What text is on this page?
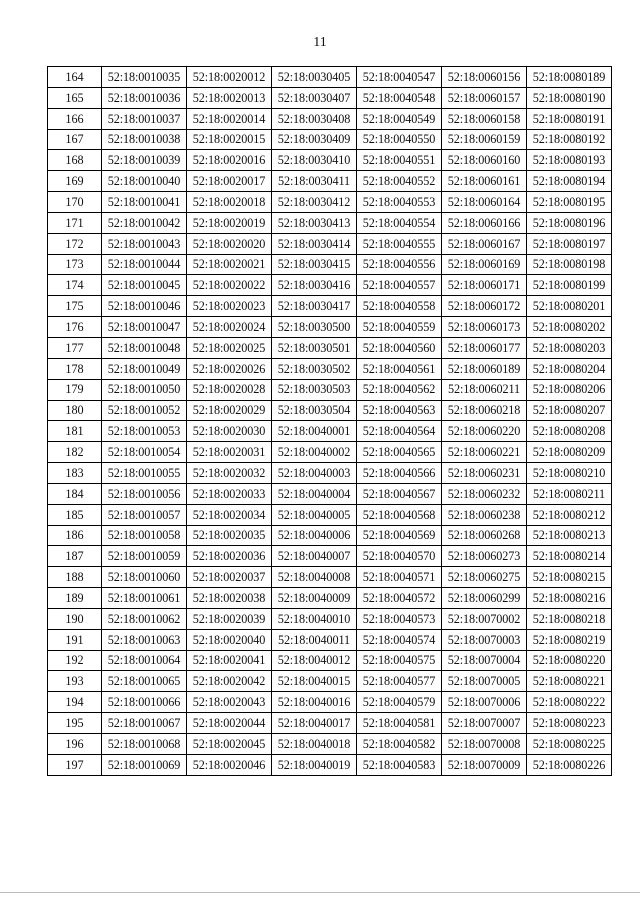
11
164	52:18:0010035	52:18:0020012	52:18:0030405	52:18:0040547	52:18:0060156	52:18:0080189
165	52:18:0010036	52:18:0020013	52:18:0030407	52:18:0040548	52:18:0060157	52:18:0080190
166	52:18:0010037	52:18:0020014	52:18:0030408	52:18:0040549	52:18:0060158	52:18:0080191
167	52:18:0010038	52:18:0020015	52:18:0030409	52:18:0040550	52:18:0060159	52:18:0080192
168	52:18:0010039	52:18:0020016	52:18:0030410	52:18:0040551	52:18:0060160	52:18:0080193
169	52:18:0010040	52:18:0020017	52:18:0030411	52:18:0040552	52:18:0060161	52:18:0080194
170	52:18:0010041	52:18:0020018	52:18:0030412	52:18:0040553	52:18:0060164	52:18:0080195
171	52:18:0010042	52:18:0020019	52:18:0030413	52:18:0040554	52:18:0060166	52:18:0080196
172	52:18:0010043	52:18:0020020	52:18:0030414	52:18:0040555	52:18:0060167	52:18:0080197
173	52:18:0010044	52:18:0020021	52:18:0030415	52:18:0040556	52:18:0060169	52:18:0080198
174	52:18:0010045	52:18:0020022	52:18:0030416	52:18:0040557	52:18:0060171	52:18:0080199
175	52:18:0010046	52:18:0020023	52:18:0030417	52:18:0040558	52:18:0060172	52:18:0080201
176	52:18:0010047	52:18:0020024	52:18:0030500	52:18:0040559	52:18:0060173	52:18:0080202
177	52:18:0010048	52:18:0020025	52:18:0030501	52:18:0040560	52:18:0060177	52:18:0080203
178	52:18:0010049	52:18:0020026	52:18:0030502	52:18:0040561	52:18:0060189	52:18:0080204
179	52:18:0010050	52:18:0020028	52:18:0030503	52:18:0040562	52:18:0060211	52:18:0080206
180	52:18:0010052	52:18:0020029	52:18:0030504	52:18:0040563	52:18:0060218	52:18:0080207
181	52:18:0010053	52:18:0020030	52:18:0040001	52:18:0040564	52:18:0060220	52:18:0080208
182	52:18:0010054	52:18:0020031	52:18:0040002	52:18:0040565	52:18:0060221	52:18:0080209
183	52:18:0010055	52:18:0020032	52:18:0040003	52:18:0040566	52:18:0060231	52:18:0080210
184	52:18:0010056	52:18:0020033	52:18:0040004	52:18:0040567	52:18:0060232	52:18:0080211
185	52:18:0010057	52:18:0020034	52:18:0040005	52:18:0040568	52:18:0060238	52:18:0080212
186	52:18:0010058	52:18:0020035	52:18:0040006	52:18:0040569	52:18:0060268	52:18:0080213
187	52:18:0010059	52:18:0020036	52:18:0040007	52:18:0040570	52:18:0060273	52:18:0080214
188	52:18:0010060	52:18:0020037	52:18:0040008	52:18:0040571	52:18:0060275	52:18:0080215
189	52:18:0010061	52:18:0020038	52:18:0040009	52:18:0040572	52:18:0060299	52:18:0080216
190	52:18:0010062	52:18:0020039	52:18:0040010	52:18:0040573	52:18:0070002	52:18:0080218
191	52:18:0010063	52:18:0020040	52:18:0040011	52:18:0040574	52:18:0070003	52:18:0080219
192	52:18:0010064	52:18:0020041	52:18:0040012	52:18:0040575	52:18:0070004	52:18:0080220
193	52:18:0010065	52:18:0020042	52:18:0040015	52:18:0040577	52:18:0070005	52:18:0080221
194	52:18:0010066	52:18:0020043	52:18:0040016	52:18:0040579	52:18:0070006	52:18:0080222
195	52:18:0010067	52:18:0020044	52:18:0040017	52:18:0040581	52:18:0070007	52:18:0080223
196	52:18:0010068	52:18:0020045	52:18:0040018	52:18:0040582	52:18:0070008	52:18:0080225
197	52:18:0010069	52:18:0020046	52:18:0040019	52:18:0040583	52:18:0070009	52:18:0080226
